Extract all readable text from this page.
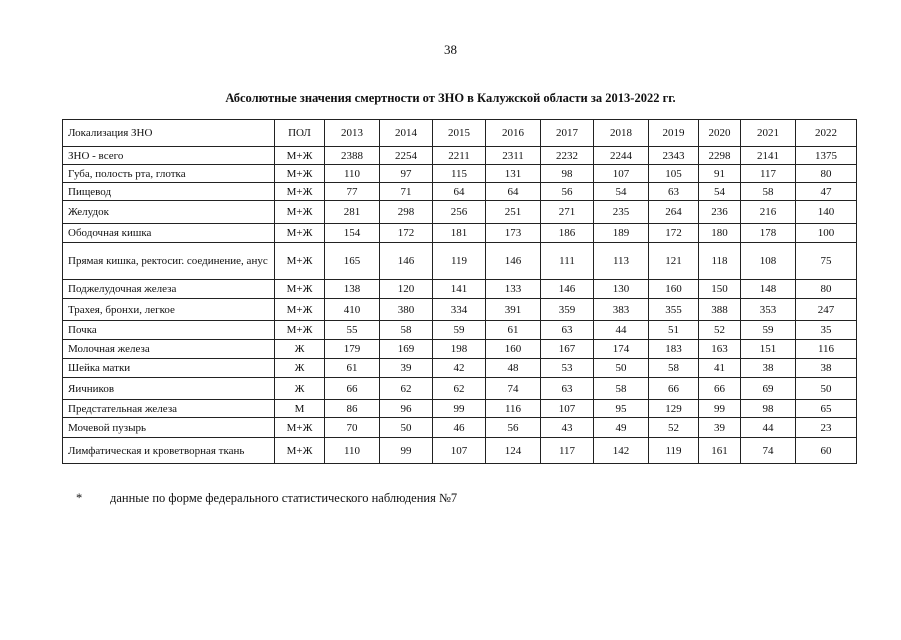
38
Абсолютные значения смертности от ЗНО в Калужской области за 2013-2022 гг.
Локализация ЗНО	ПОЛ	2013	2014	2015	2016	2017	2018	2019	2020	2021	2022
ЗНО - всего	М+Ж	2388	2254	2211	2311	2232	2244	2343	2298	2141	1375
Губа, полость рта, глотка	М+Ж	110	97	115	131	98	107	105	91	117	80
Пищевод	М+Ж	77	71	64	64	56	54	63	54	58	47
Желудок	М+Ж	281	298	256	251	271	235	264	236	216	140
Ободочная кишка	М+Ж	154	172	181	173	186	189	172	180	178	100
Прямая кишка, ректосиг. соединение, анус	М+Ж	165	146	119	146	111	113	121	118	108	75
Поджелудочная железа	М+Ж	138	120	141	133	146	130	160	150	148	80
Трахея, бронхи, легкое	М+Ж	410	380	334	391	359	383	355	388	353	247
Почка	М+Ж	55	58	59	61	63	44	51	52	59	35
Молочная железа	Ж	179	169	198	160	167	174	183	163	151	116
Шейка матки	Ж	61	39	42	48	53	50	58	41	38	38
Яичников	Ж	66	62	62	74	63	58	66	66	69	50
Предстательная железа	М	86	96	99	116	107	95	129	99	98	65
Мочевой пузырь	М+Ж	70	50	46	56	43	49	52	39	44	23
Лимфатическая и кроветворная ткань	М+Ж	110	99	107	124	117	142	119	161	74	60
* данные по форме федерального статистического наблюдения №7
